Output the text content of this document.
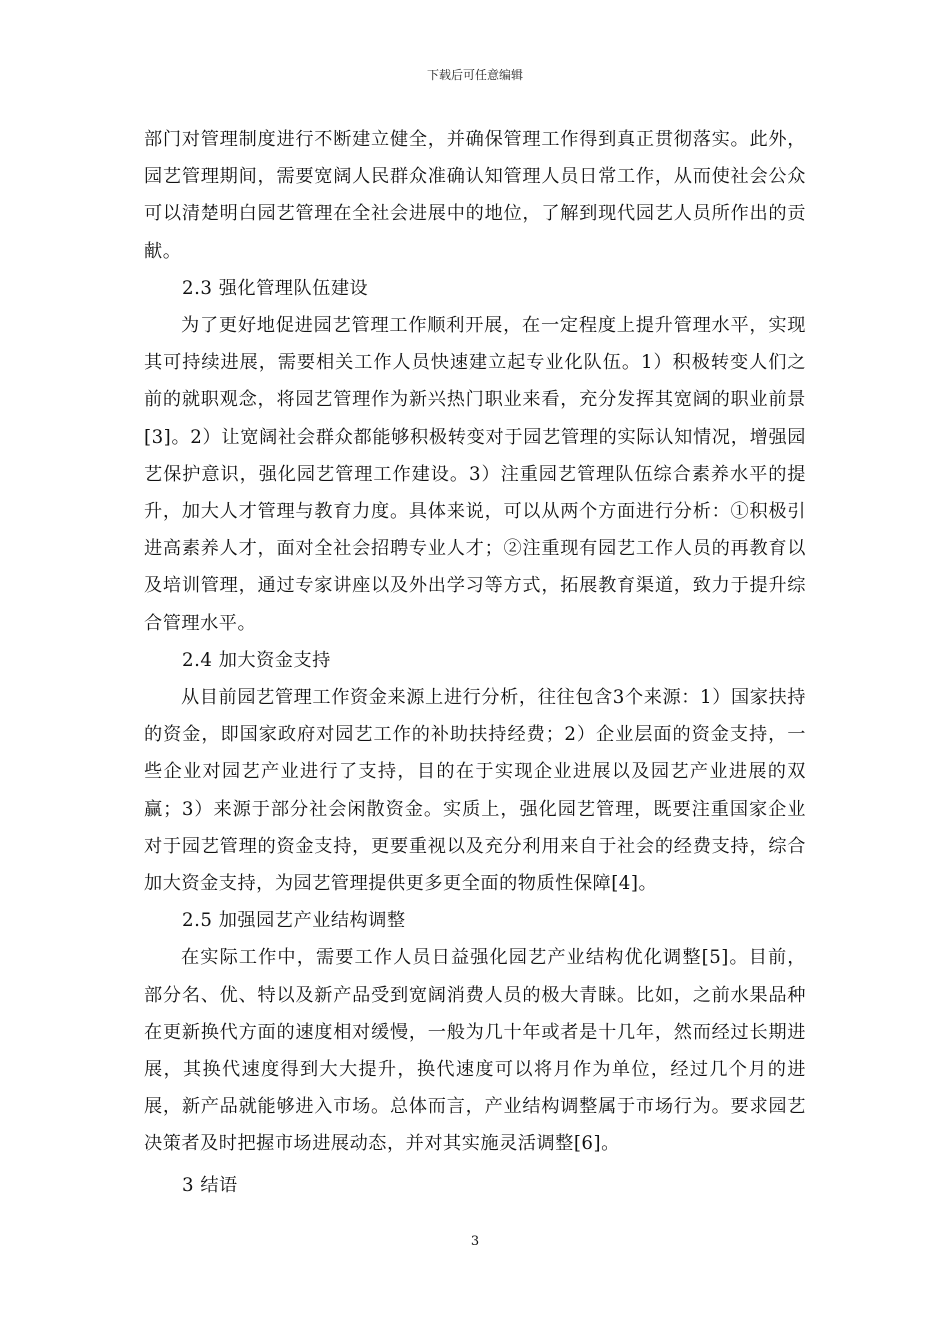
下载后可任意编辑

部门对管理制度进行不断建立健全，并确保管理工作得到真正贯彻落实。此外，园艺管理期间，需要宽阔人民群众准确认知管理人员日常工作，从而使社会公众可以清楚明白园艺管理在全社会进展中的地位，了解到现代园艺人员所作出的贡献。

2.3 强化管理队伍建设

为了更好地促进园艺管理工作顺利开展，在一定程度上提升管理水平，实现其可持续进展，需要相关工作人员快速建立起专业化队伍。1）积极转变人们之前的就职观念，将园艺管理作为新兴热门职业来看，充分发挥其宽阔的职业前景[3]。2）让宽阔社会群众都能够积极转变对于园艺管理的实际认知情况，增强园艺保护意识，强化园艺管理工作建设。3）注重园艺管理队伍综合素养水平的提升，加大人才管理与教育力度。具体来说，可以从两个方面进行分析：①积极引进高素养人才，面对全社会招聘专业人才；②注重现有园艺工作人员的再教育以及培训管理，通过专家讲座以及外出学习等方式，拓展教育渠道，致力于提升综合管理水平。

2.4 加大资金支持

从目前园艺管理工作资金来源上进行分析，往往包含3个来源：1）国家扶持的资金，即国家政府对园艺工作的补助扶持经费；2）企业层面的资金支持，一些企业对园艺产业进行了支持，目的在于实现企业进展以及园艺产业进展的双赢；3）来源于部分社会闲散资金。实质上，强化园艺管理，既要注重国家企业对于园艺管理的资金支持，更要重视以及充分利用来自于社会的经费支持，综合加大资金支持，为园艺管理提供更多更全面的物质性保障[4]。

2.5 加强园艺产业结构调整

在实际工作中，需要工作人员日益强化园艺产业结构优化调整[5]。目前，部分名、优、特以及新产品受到宽阔消费人员的极大青睐。比如，之前水果品种在更新换代方面的速度相对缓慢，一般为几十年或者是十几年，然而经过长期进展，其换代速度得到大大提升，换代速度可以将月作为单位，经过几个月的进展，新产品就能够进入市场。总体而言，产业结构调整属于市场行为。要求园艺决策者及时把握市场进展动态，并对其实施灵活调整[6]。

3 结语

3
